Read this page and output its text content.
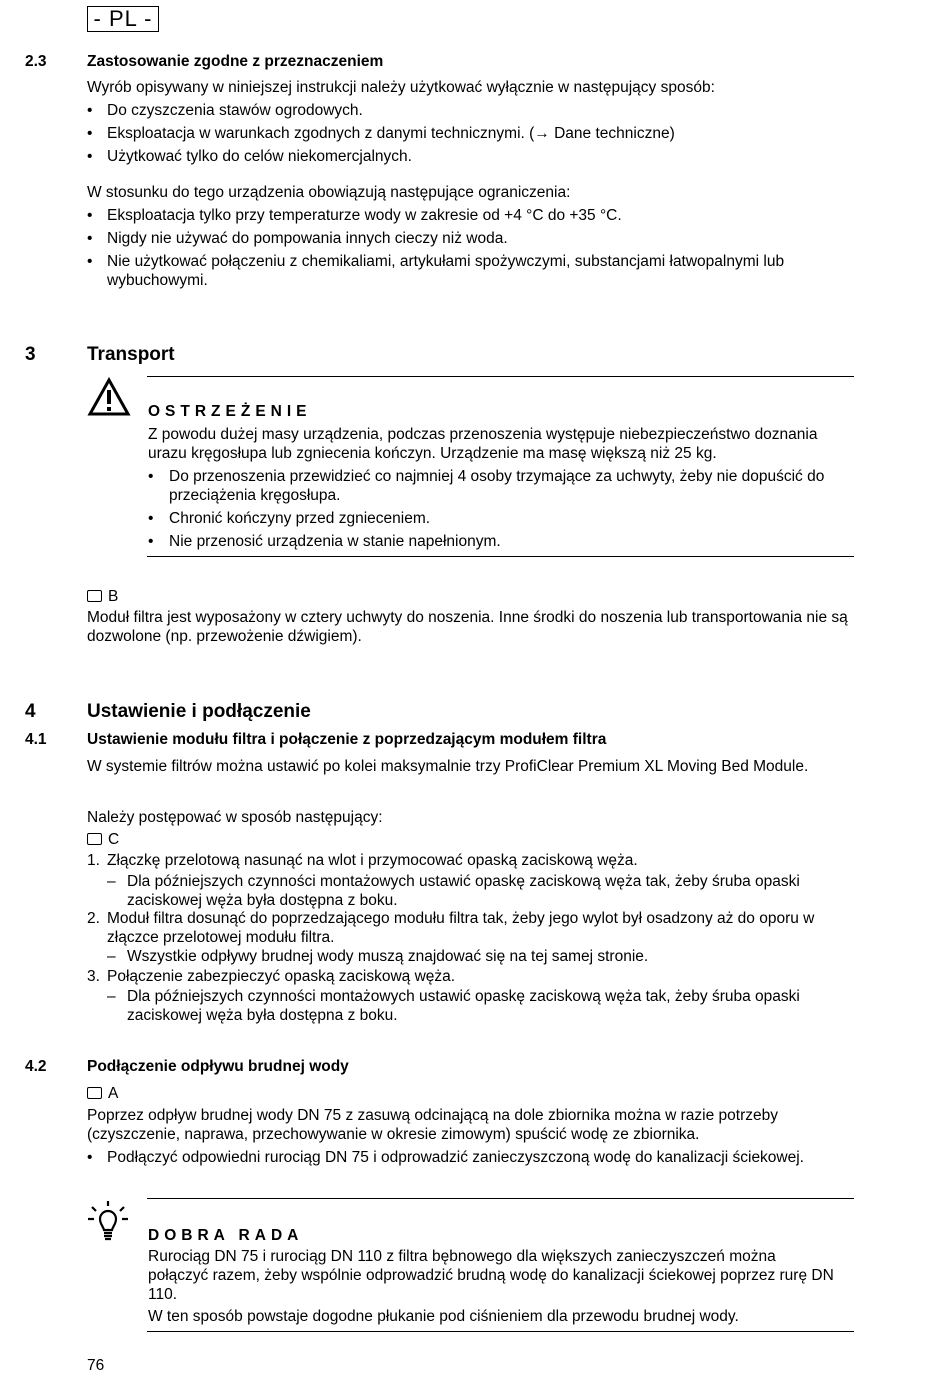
- PL -
2.3	Zastosowanie zgodne z przeznaczeniem
Wyrób opisywany w niniejszej instrukcji należy użytkować wyłącznie w następujący sposób:
• Do czyszczenia stawów ogrodowych.
• Eksploatacja w warunkach zgodnych z danymi technicznymi. (→ Dane techniczne)
• Użytkować tylko do celów niekomercjalnych.
W stosunku do tego urządzenia obowiązują następujące ograniczenia:
• Eksploatacja tylko przy temperaturze wody w zakresie od +4 °C do +35 °C.
• Nigdy nie używać do pompowania innych cieczy niż woda.
• Nie użytkować połączeniu z chemikaliami, artykułami spożywczymi, substancjami łatwopalnymi lub wybuchowymi.
3	Transport
OSTRZEŻENIE
Z powodu dużej masy urządzenia, podczas przenoszenia występuje niebezpieczeństwo doznania urazu kręgosłupa lub zgniecenia kończyn. Urządzenie ma masę większą niż 25 kg.
• Do przenoszenia przewidzieć co najmniej 4 osoby trzymające za uchwyty, żeby nie dopuścić do przeciążenia kręgosłupa.
• Chronić kończyny przed zgnieceniem.
• Nie przenosić urządzenia w stanie napełnionym.
B
Moduł filtra jest wyposażony w cztery uchwyty do noszenia. Inne środki do noszenia lub transportowania nie są dozwolone (np. przewożenie dźwigiem).
4	Ustawienie i podłączenie
4.1	Ustawienie modułu filtra i połączenie z poprzedzającym modułem filtra
W systemie filtrów można ustawić po kolei maksymalnie trzy ProfiClear Premium XL Moving Bed Module.
Należy postępować w sposób następujący:
C
1. Złączkę przelotową nasunąć na wlot i przymocować opaską zaciskową węża.
– Dla późniejszych czynności montażowych ustawić opaskę zaciskową węża tak, żeby śruba opaski zaciskowej węża była dostępna z boku.
2. Moduł filtra dosunąć do poprzedzającego modułu filtra tak, żeby jego wylot był osadzony aż do oporu w złączce przelotowej modułu filtra.
– Wszystkie odpływy brudnej wody muszą znajdować się na tej samej stronie.
3. Połączenie zabezpieczyć opaską zaciskową węża.
– Dla późniejszych czynności montażowych ustawić opaskę zaciskową węża tak, żeby śruba opaski zaciskowej węża była dostępna z boku.
4.2	Podłączenie odpływu brudnej wody
A
Poprzez odpływ brudnej wody DN 75 z zasuwą odcinającą na dole zbiornika można w razie potrzeby (czyszczenie, naprawa, przechowywanie w okresie zimowym) spuścić wodę ze zbiornika.
• Podłączyć odpowiedni rurociąg DN 75 i odprowadzić zanieczyszczoną wodę do kanalizacji ściekowej.
DOBRA RADA
Rurociąg DN 75 i rurociąg DN 110 z filtra bębnowego dla większych zanieczyszczeń można połączyć razem, żeby wspólnie odprowadzić brudną wodę do kanalizacji ściekowej poprzez rurę DN 110.
W ten sposób powstaje dogodne płukanie pod ciśnieniem dla przewodu brudnej wody.
76
